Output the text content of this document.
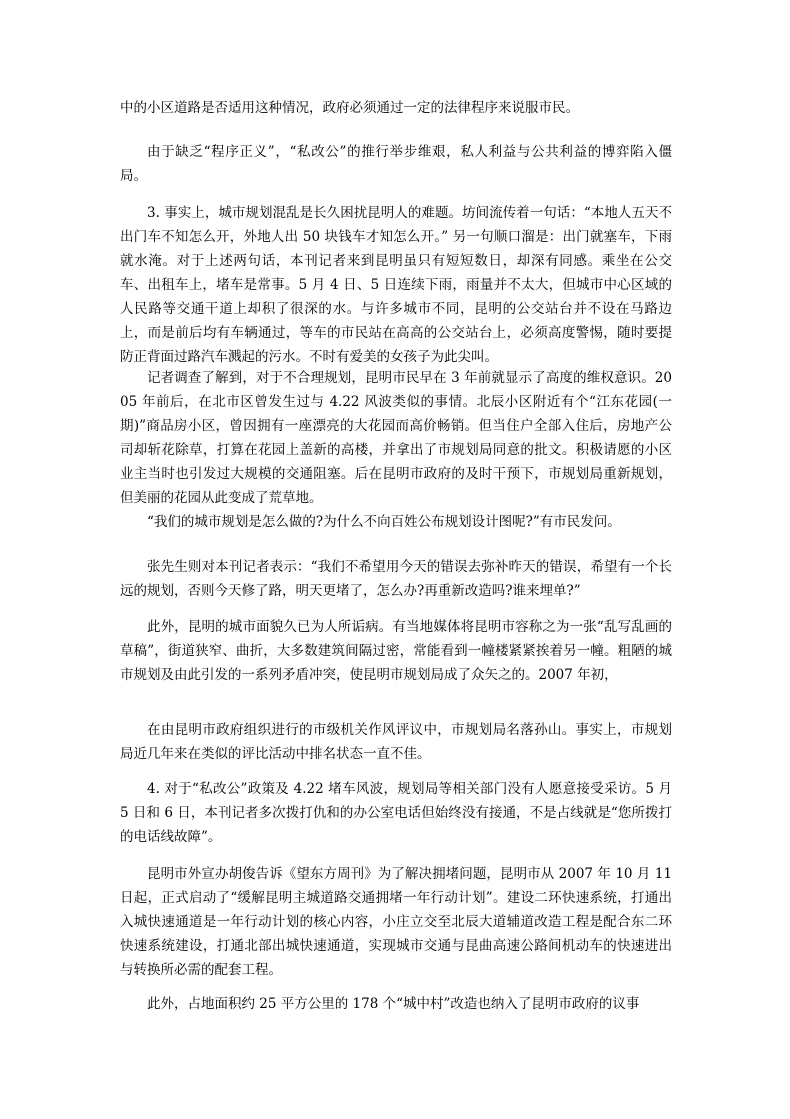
中的小区道路是否适用这种情况，政府必须通过一定的法律程序来说服市民。

由于缺乏“程序正义”，“私改公”的推行举步维艰，私人利益与公共利益的博弈陷入僵局。

3. 事实上，城市规划混乱是长久困扰昆明人的难题。坊间流传着一句话：“本地人五天不出门车不知怎么开，外地人出 50 块钱车才知怎么开。” 另一句顺口溜是：出门就塞车，下雨就水淹。对于上述两句话，本刊记者来到昆明虽只有短短数日，却深有同感。乘坐在公交车、出租车上，堵车是常事。5 月 4 日、5 日连续下雨，雨量并不太大，但城市中心区域的人民路等交通干道上却积了很深的水。与许多城市不同，昆明的公交站台并不设在马路边上，而是前后均有车辆通过，等车的市民站在高高的公交站台上，必须高度警惕，随时要提防正背面过路汽车溅起的污水。不时有爱美的女孩子为此尖叫。

记者调查了解到，对于不合理规划，昆明市民早在 3 年前就显示了高度的维权意识。2005 年前后，在北市区曾发生过与 4.22 风波类似的事情。北辰小区附近有个“江东花园(一期)”商品房小区，曾因拥有一座漂亮的大花园而高价畅销。但当住户全部入住后，房地产公司却斩花除草，打算在花园上盖新的高楼，并拿出了市规划局同意的批文。积极请愿的小区业主当时也引发过大规模的交通阻塞。后在昆明市政府的及时干预下，市规划局重新规划，但美丽的花园从此变成了荒草地。

“我们的城市规划是怎么做的?为什么不向百姓公布规划设计图呢?”有市民发问。

张先生则对本刊记者表示：“我们不希望用今天的错误去弥补昨天的错误，希望有一个长远的规划，否则今天修了路，明天更堵了，怎么办?再重新改造吗?谁来埋单?”

此外，昆明的城市面貌久已为人所诟病。有当地媒体将昆明市容称之为一张“乱写乱画的草稿”，街道狭窄、曲折，大多数建筑间隔过密，常能看到一幢楼紧紧挨着另一幢。粗陋的城市规划及由此引发的一系列矛盾冲突，使昆明市规划局成了众矢之的。2007 年初，

在由昆明市政府组织进行的市级机关作风评议中，市规划局名落孙山。事实上，市规划局近几年来在类似的评比活动中排名状态一直不佳。

4. 对于“私改公”政策及 4.22 堵车风波，规划局等相关部门没有人愿意接受采访。5 月 5 日和 6 日，本刊记者多次拨打仇和的办公室电话但始终没有接通，不是占线就是“您所拨打的电话线故障”。

昆明市外宣办胡俊告诉《望东方周刊》为了解决拥堵问题，昆明市从 2007 年 10 月 11 日起，正式启动了“缓解昆明主城道路交通拥堵一年行动计划”。建设二环快速系统，打通出入城快速通道是一年行动计划的核心内容，小庄立交至北辰大道辅道改造工程是配合东二环快速系统建设，打通北部出城快速通道，实现城市交通与昆曲高速公路间机动车的快速进出与转换所必需的配套工程。

此外，占地面积约 25 平方公里的 178 个“城中村”改造也纳入了昆明市政府的议事
